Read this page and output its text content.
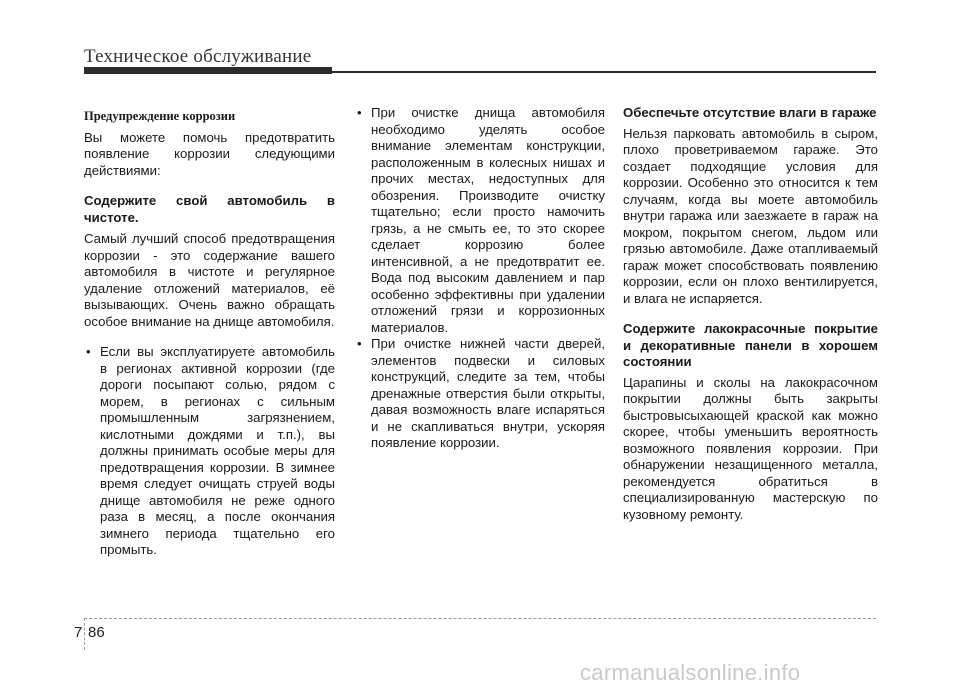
Техническое обслуживание

Предупреждение коррозии

Вы можете помочь предотвратить появление коррозии следующими действиями:

Содержите свой автомобиль в чистоте.

Самый лучший способ предотвращения коррозии - это содержание вашего автомобиля в чистоте и регулярное удаление отложений материалов, её вызывающих. Очень важно обращать особое внимание на днище автомобиля.

• Если вы эксплуатируете автомобиль в регионах активной коррозии (где дороги посыпают солью, рядом с морем, в регионах с сильным промышленным загрязнением, кислотными дождями и т.п.), вы должны принимать особые меры для предотвращения коррозии. В зимнее время следует очищать струей воды днище автомобиля не реже одного раза в месяц, а после окончания зимнего периода тщательно его промыть.
• При очистке днища автомобиля необходимо уделять особое внимание элементам конструкции, расположенным в колесных нишах и прочих местах, недоступных для обозрения. Производите очистку тщательно; если просто намочить грязь, а не смыть ее, то это скорее сделает коррозию более интенсивной, а не предотвратит ее. Вода под высоким давлением и пар особенно эффективны при удалении отложений грязи и коррозионных материалов.
• При очистке нижней части дверей, элементов подвески и силовых конструкций, следите за тем, чтобы дренажные отверстия были открыты, давая возможность влаге испаряться и не скапливаться внутри, ускоряя появление коррозии.

Обеспечьте отсутствие влаги в гараже

Нельзя парковать автомобиль в сыром, плохо проветриваемом гараже. Это создает подходящие условия для коррозии. Особенно это относится к тем случаям, когда вы моете автомобиль внутри гаража или заезжаете в гараж на мокром, покрытом снегом, льдом или грязью автомобиле. Даже отапливаемый гараж может способствовать появлению коррозии, если он плохо вентилируется, и влага не испаряется.

Содержите лакокрасочные покрытие и декоративные панели в хорошем состоянии

Царапины и сколы на лакокрасочном покрытии должны быть закрыты быстровысыхающей краской как можно скорее, чтобы уменьшить вероятность возможного появления коррозии. При обнаружении незащищенного металла, рекомендуется обратиться в специализированную мастерскую по кузовному ремонту.

7 86
carmanualsonline.info
